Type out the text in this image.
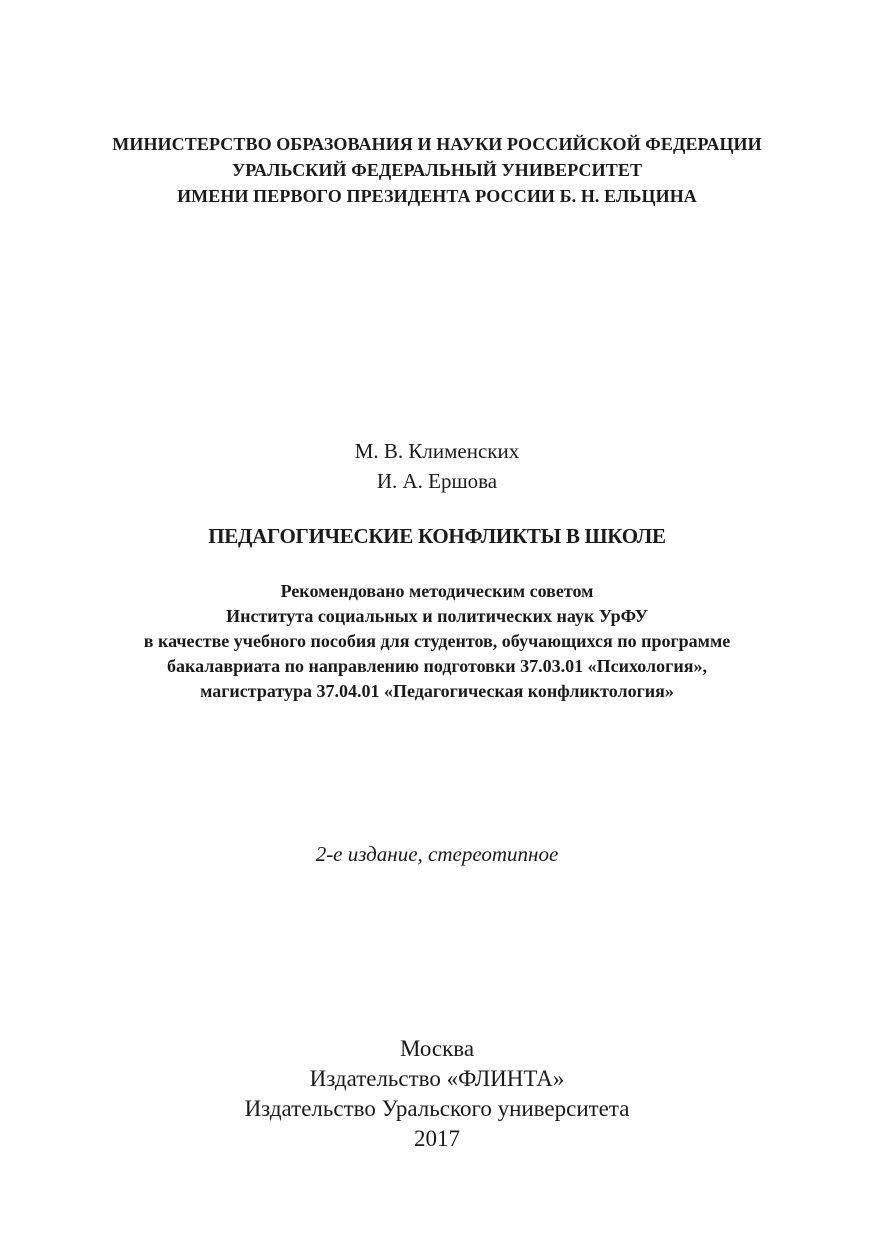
МИНИСТЕРСТВО ОБРАЗОВАНИЯ И НАУКИ РОССИЙСКОЙ ФЕДЕРАЦИИ
УРАЛЬСКИЙ ФЕДЕРАЛЬНЫЙ УНИВЕРСИТЕТ
ИМЕНИ ПЕРВОГО ПРЕЗИДЕНТА РОССИИ Б. Н. ЕЛЬЦИНА
М. В. Клименских
И. А. Ершова
ПЕДАГОГИЧЕСКИЕ КОНФЛИКТЫ В ШКОЛЕ
Рекомендовано методическим советом
Института социальных и политических наук УрФУ
в качестве учебного пособия для студентов, обучающихся по программе
бакалавриата по направлению подготовки 37.03.01 «Психология»,
магистратура 37.04.01 «Педагогическая конфликтология»
2-е издание, стереотипное
Москва
Издательство «ФЛИНТА»
Издательство Уральского университета
2017
